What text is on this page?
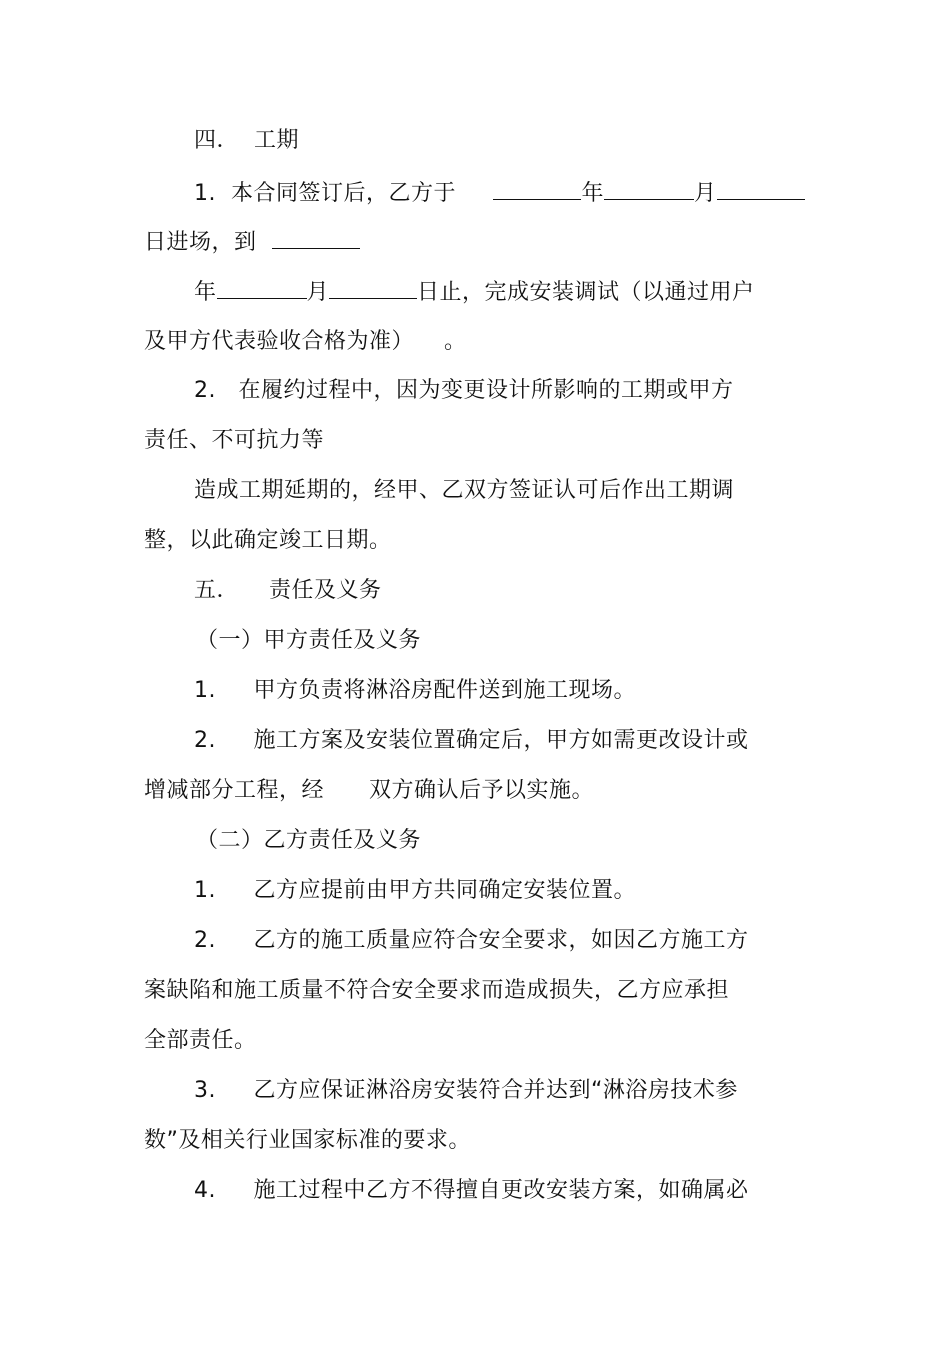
四．  工期
1. 本合同签订后，乙方于	年	月
日进场，到
年	月	日止，完成安装调试（以通过用户
及甲方代表验收合格为准）    。
2.   在履约过程中，因为变更设计所影响的工期或甲方
责任、不可抗力等
造成工期延期的，经甲、乙双方签证认可后作出工期调
整，以此确定竣工日期。
五．    责任及义务
（一）甲方责任及义务
1.     甲方负责将淋浴房配件送到施工现场。
2.     施工方案及安装位置确定后，甲方如需更改设计或
增减部分工程，经      双方确认后予以实施。
（二）乙方责任及义务
1.     乙方应提前由甲方共同确定安装位置。
2.     乙方的施工质量应符合安全要求，如因乙方施工方
案缺陷和施工质量不符合安全要求而造成损失，乙方应承担
全部责任。
3.     乙方应保证淋浴房安装符合并达到“淋浴房技术参
数”及相关行业国家标准的要求。
4.     施工过程中乙方不得擅自更改安装方案，如确属必
